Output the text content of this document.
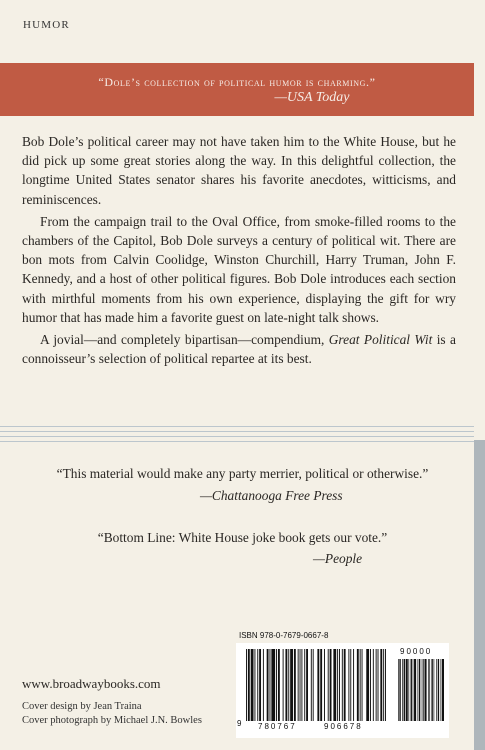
HUMOR
“Dole’s collection of political humor is charming.”
—USA Today

Bob Dole’s political career may not have taken him to the White House, but he did pick up some great stories along the way. In this delightful collection, the longtime United States senator shares his favorite anecdotes, witticisms, and reminiscences.

From the campaign trail to the Oval Office, from smoke-filled rooms to the chambers of the Capitol, Bob Dole surveys a century of political wit. There are bon mots from Calvin Coolidge, Winston Churchill, Harry Truman, John F. Kennedy, and a host of other political figures. Bob Dole introduces each section with mirthful moments from his own experience, displaying the gift for wry humor that has made him a favorite guest on late-night talk shows.

A jovial—and completely bipartisan—compendium, Great Political Wit is a connoisseur’s selection of political repartee at its best.

“This material would make any party merrier, political or otherwise.”
—Chattanooga Free Press
“Bottom Line: White House joke book gets our vote.”
—People
www.broadwaybooks.com
Cover design by Jean Traina
Cover photograph by Michael J.N. Bowles
ISBN 978-0-7679-0667-8
9 780767	906678
90000
